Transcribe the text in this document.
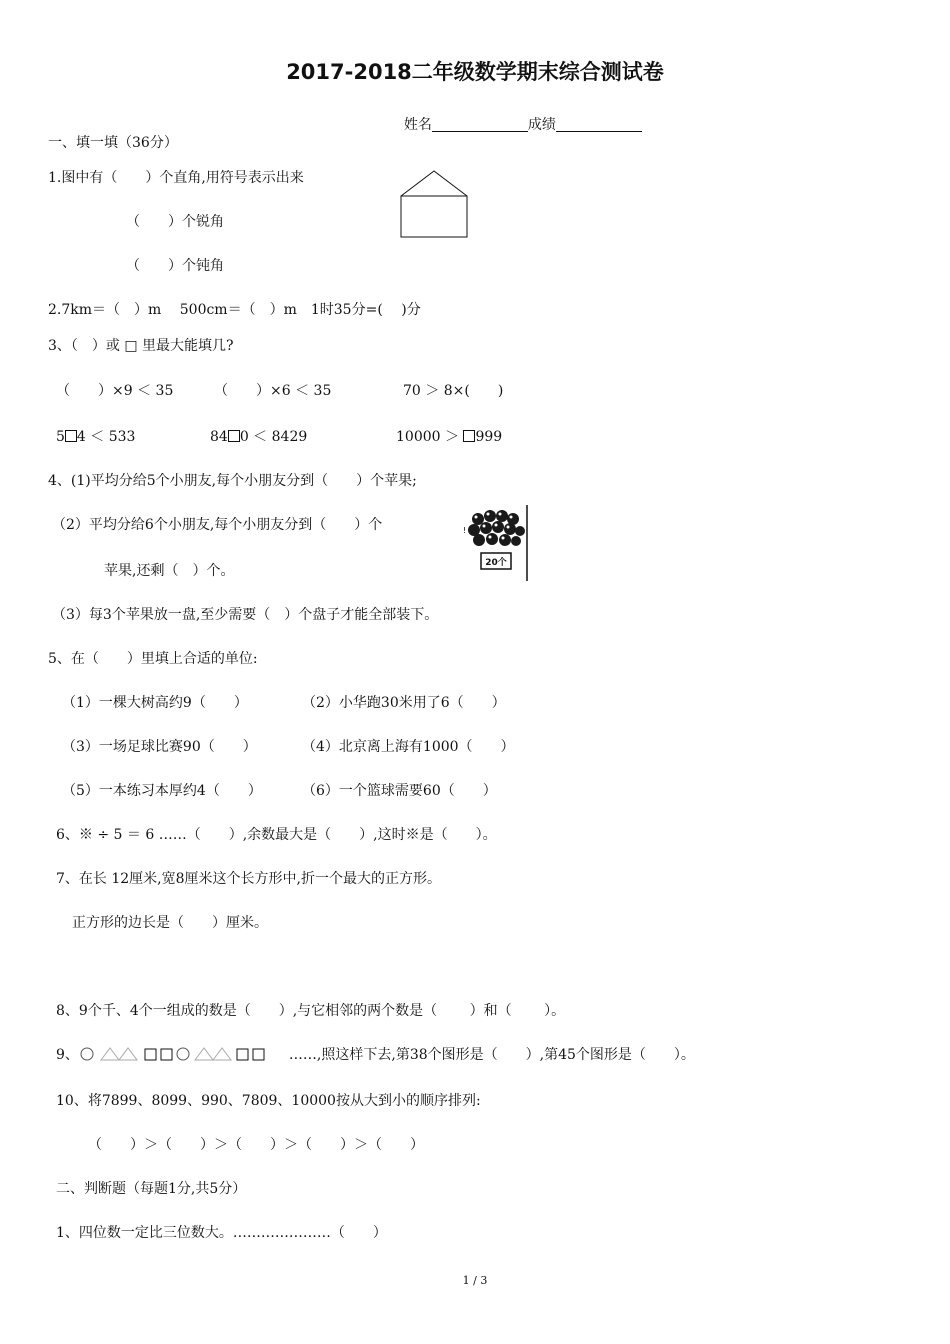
2017-2018二年级数学期末综合测试卷

姓名	成绩

一、填一填（36分）
1.图中有（　　）个直角,用符号表示出来
（　　）个锐角
（　　）个钝角
2.7km＝（　）m　 500cm＝（　）m　1时35分=(　 )分
3、（　）或 □ 里最大能填几?
（　　）×9 ＜ 35	（　　）×6 ＜ 35	70 ＞ 8×(　　)
5 4 ＜ 533	84 0 ＜ 8429	10000 ＞ 999
4、(1)平均分给5个小朋友,每个小朋友分到（　　）个苹果;
（2）平均分给6个小朋友,每个小朋友分到（　　）个
苹果,还剩（　）个。
（3）每3个苹果放一盘,至少需要（　）个盘子才能全部装下。
20个
!
5、在（　　）里填上合适的单位:
（1）一棵大树高约9（　　）	（2）小华跑30米用了6（　　）
（3）一场足球比赛90（　　）	（4）北京离上海有1000（　　）
（5）一本练习本厚约4（　　）	（6）一个篮球需要60（　　）
6、※ ÷ 5 ＝ 6 ……（　　）,余数最大是（　　）,这时※是（　　）。
7、在长 12厘米,宽8厘米这个长方形中,折一个最大的正方形。
正方形的边长是（　　）厘米。
8、9个千、4个一组成的数是（　　）,与它相邻的两个数是（　　 ）和（　　 ）。
9、	……,照这样下去,第38个图形是（　　）,第45个图形是（　　）。
10、将7899、8099、990、7809、10000按从大到小的顺序排列:
（　　）＞（　　）＞（　　）＞（　　）＞（　　）
二、判断题（每题1分,共5分）
1、四位数一定比三位数大。…………………（　　）
1 / 3
